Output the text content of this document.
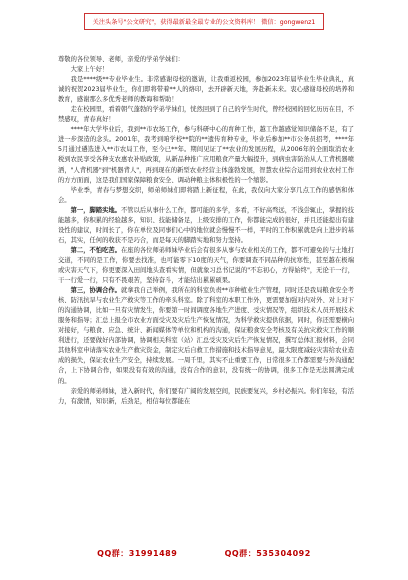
关注头条号"公文研究"，获得最新最全最专业的公文资料库！ 微信：gongwenz1

尊敬的各位领导、老师，亲爱的学弟学妹们：

大家上午好！

我是****级**专业毕业生。非常感谢母校的邀请，让我重返校园，参加2023年届毕业生毕业典礼，真诚的祝贺2023届毕业生，你们即将带着**人的烙印，去开辟新天地，奔赴新未来。衷心感谢母校的培养和教育，感谢那么多优秀老师的教诲和帮助！

走在校园里，看着朝气蓬勃的学弟学妹们，恍然回到了自己的学生时代，曾经校园的回忆历历在目，不禁感叹，青春真好！

****年大学毕业后，我到**市农场工作，参与科研中心的育种工作，越工作越感觉知识储备不足，有了进一步深造的念头。2001年，我考到咱学校**院的**遗传育种专业，毕业后参加**市公务员招考，****年5月通过遴选进入**市农局工作，至今已**年。期间见证了**农业的发展历程，从2006年的全面取消农业税到农民享受各种支农惠农补贴政策，从新品种推广应用粮食产量大幅提升，到病虫害防治从人工背机器喷洒，"人背机器"到"机器背人"，再到现在的新型农业经营主体蓬勃发展，智慧农业综合运用到农业农村工作的方方面面，这是我们国家保障粮食安全、调动种粮主体积极性的一个缩影。

毕业季，青春与梦想交织，师弟师妹们即将踏上新征程，在此，我仅向大家分享几点工作的感悟和体会。

第一，脚踏实地。不管以后从事什么工作，都可能的多学，多看，不好高骛远，不浅尝辄止，掌握的技能越多，你积累的经验越多，知识、技能储备足，上级安排的工作，你都能完成的很好，并且还能提出有建设性的建议，时间长了，你在单位及同事们心中的地位就会慢慢不一样，平时的工作积累就是向上进步的基石，其实，任何的收获不是巧合，而是每天的脚踏实地和努力坚持。

第二，不怕吃苦。在座的各位师弟师妹毕业后会有很多从事与农业相关的工作，都不可避免的与土地打交道，不同的是工作，你要去找准，也可能零下10度的天气，你要调查不同品种的抗寒性，甚至越在极端或灾害天气下，你更要深入田间地头查看实情，但就象习总书记说的"不忘初心，方得始终"，无论干一行，干一行爱一行，只有不畏艰苦，坚持奋斗，才能结出累累硕果。

第三，协调合作。就拿我自己举例，我所在的科室负责**市种植业生产管理，同时还是我局粮食安全考核、防汛抗旱与农业生产救灾等工作的牵头科室。除了科室的本职工作外，更需要加强对内对外、对上对下的沟通协调，比如一旦有灾情发生，你要第一时间调度各地生产进度、受灾情况等，组织技术人员开展技术服务和指导；汇总上报全市农业方面受灾及灾后生产恢复情况，为科学救灾提供依据，同时，你还需要横向对接好，与粮食、应急、统计、新闻媒体等单位和机构的沟通，保证粮食安全考核及有关抗灾救灾工作的顺利进行，还要做好内部协调，协调相关科室（站）汇总受灾及灾后生产恢复情况，撰写总体汇报材料，会同其他科室申请落实农业生产救灾资金，制定灾后自救工作措施和技术指导意见，最大限度减轻灾害给农业造成的损失，保证农业生产安全，持续发展。一周千里，其实不止重要工作，日常很多工作都需要与外沟通配合，上下协调合作，如果没有有效的沟通，没有合作的意识，没有统一的协调，很多工作是无法圆满完成的。

亲爱的师弟师妹，进入新时代，你们要有广阔的发展空间，民族要复兴，乡村必振兴。你们年轻，有活力，有激情，知识新，后劲足，相信每位都能在

QQ群：31991489	QQ群：535304092
